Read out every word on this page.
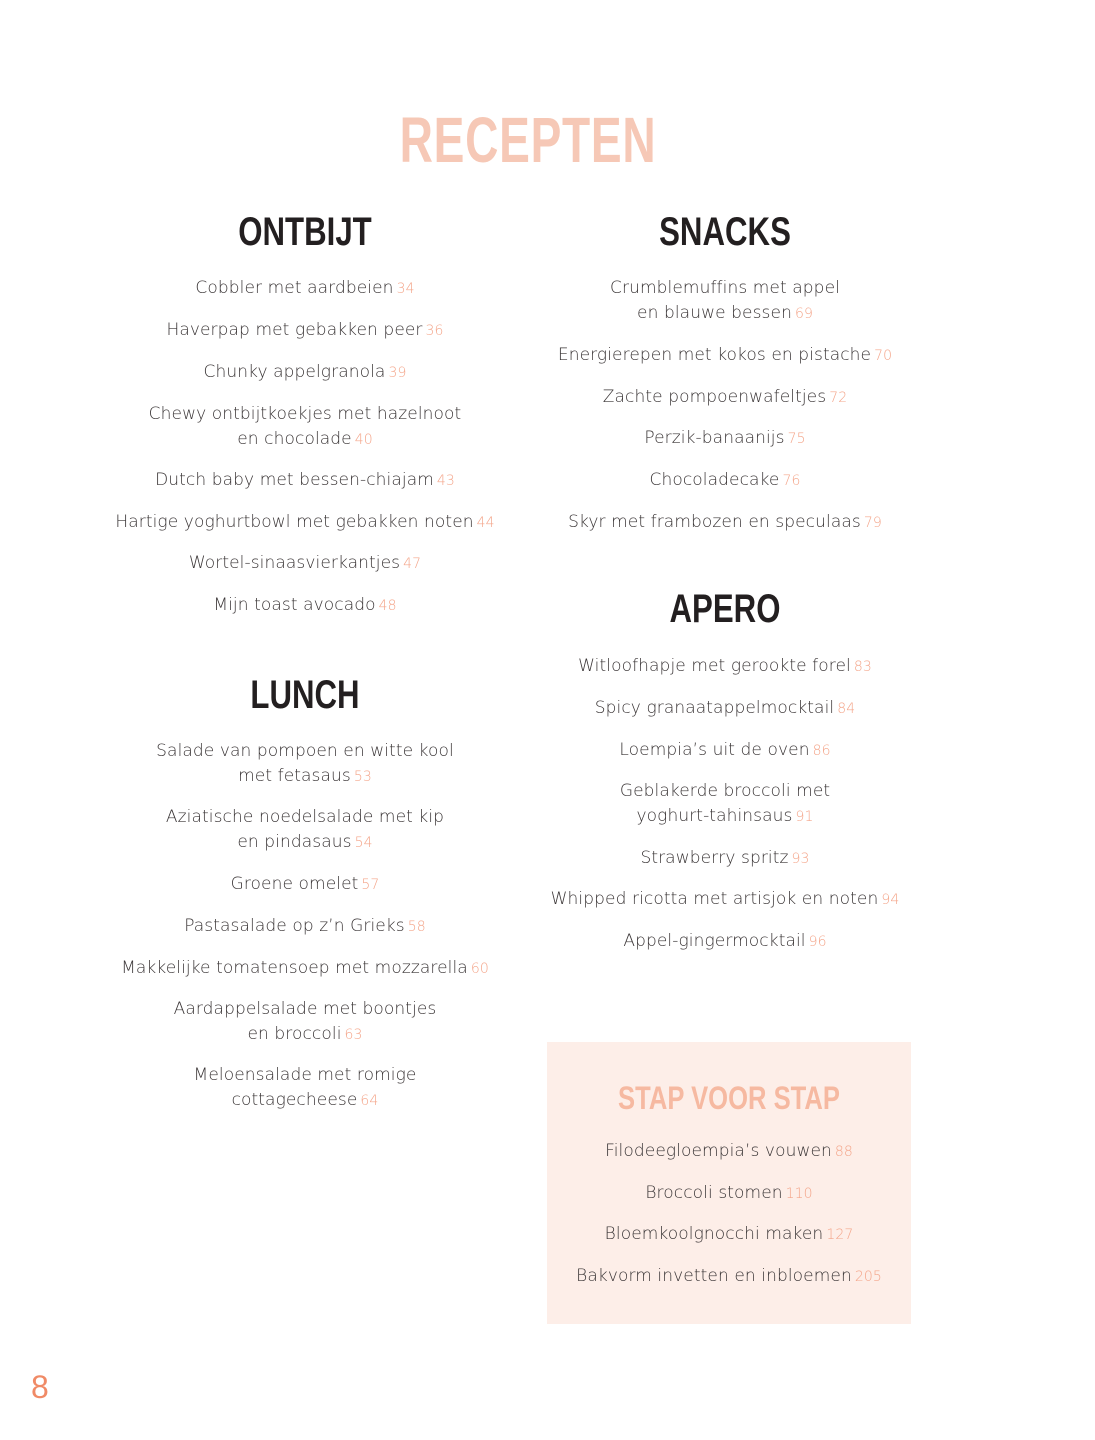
RECEPTEN
ONTBIJT
Cobbler met aardbeien 34
Haverpap met gebakken peer 36
Chunky appelgranola 39
Chewy ontbijtkoekjes met hazelnoot
en chocolade 40
Dutch baby met bessen-chiajam 43
Hartige yoghurtbowl met gebakken noten 44
Wortel-sinaasvierkantjes 47
Mijn toast avocado 48
LUNCH
Salade van pompoen en witte kool
met fetasaus 53
Aziatische noedelsalade met kip
en pindasaus 54
Groene omelet 57
Pastasalade op z’n Grieks 58
Makkelijke tomatensoep met mozzarella 60
Aardappelsalade met boontjes
en broccoli 63
Meloensalade met romige
cottagecheese 64
SNACKS
Crumblemuffins met appel
en blauwe bessen 69
Energierepen met kokos en pistache 70
Zachte pompoenwafeltjes 72
Perzik-banaanijs 75
Chocoladecake 76
Skyr met frambozen en speculaas 79
APERO
Witloofhapje met gerookte forel 83
Spicy granaatappelmocktail 84
Loempia’s uit de oven 86
Geblakerde broccoli met
yoghurt-tahinsaus 91
Strawberry spritz 93
Whipped ricotta met artisjok en noten 94
Appel-gingermocktail 96
STAP VOOR STAP
Filodeegloempia’s vouwen 88
Broccoli stomen 110
Bloemkoolgnocchi maken 127
Bakvorm invetten en inbloemen 205
8
